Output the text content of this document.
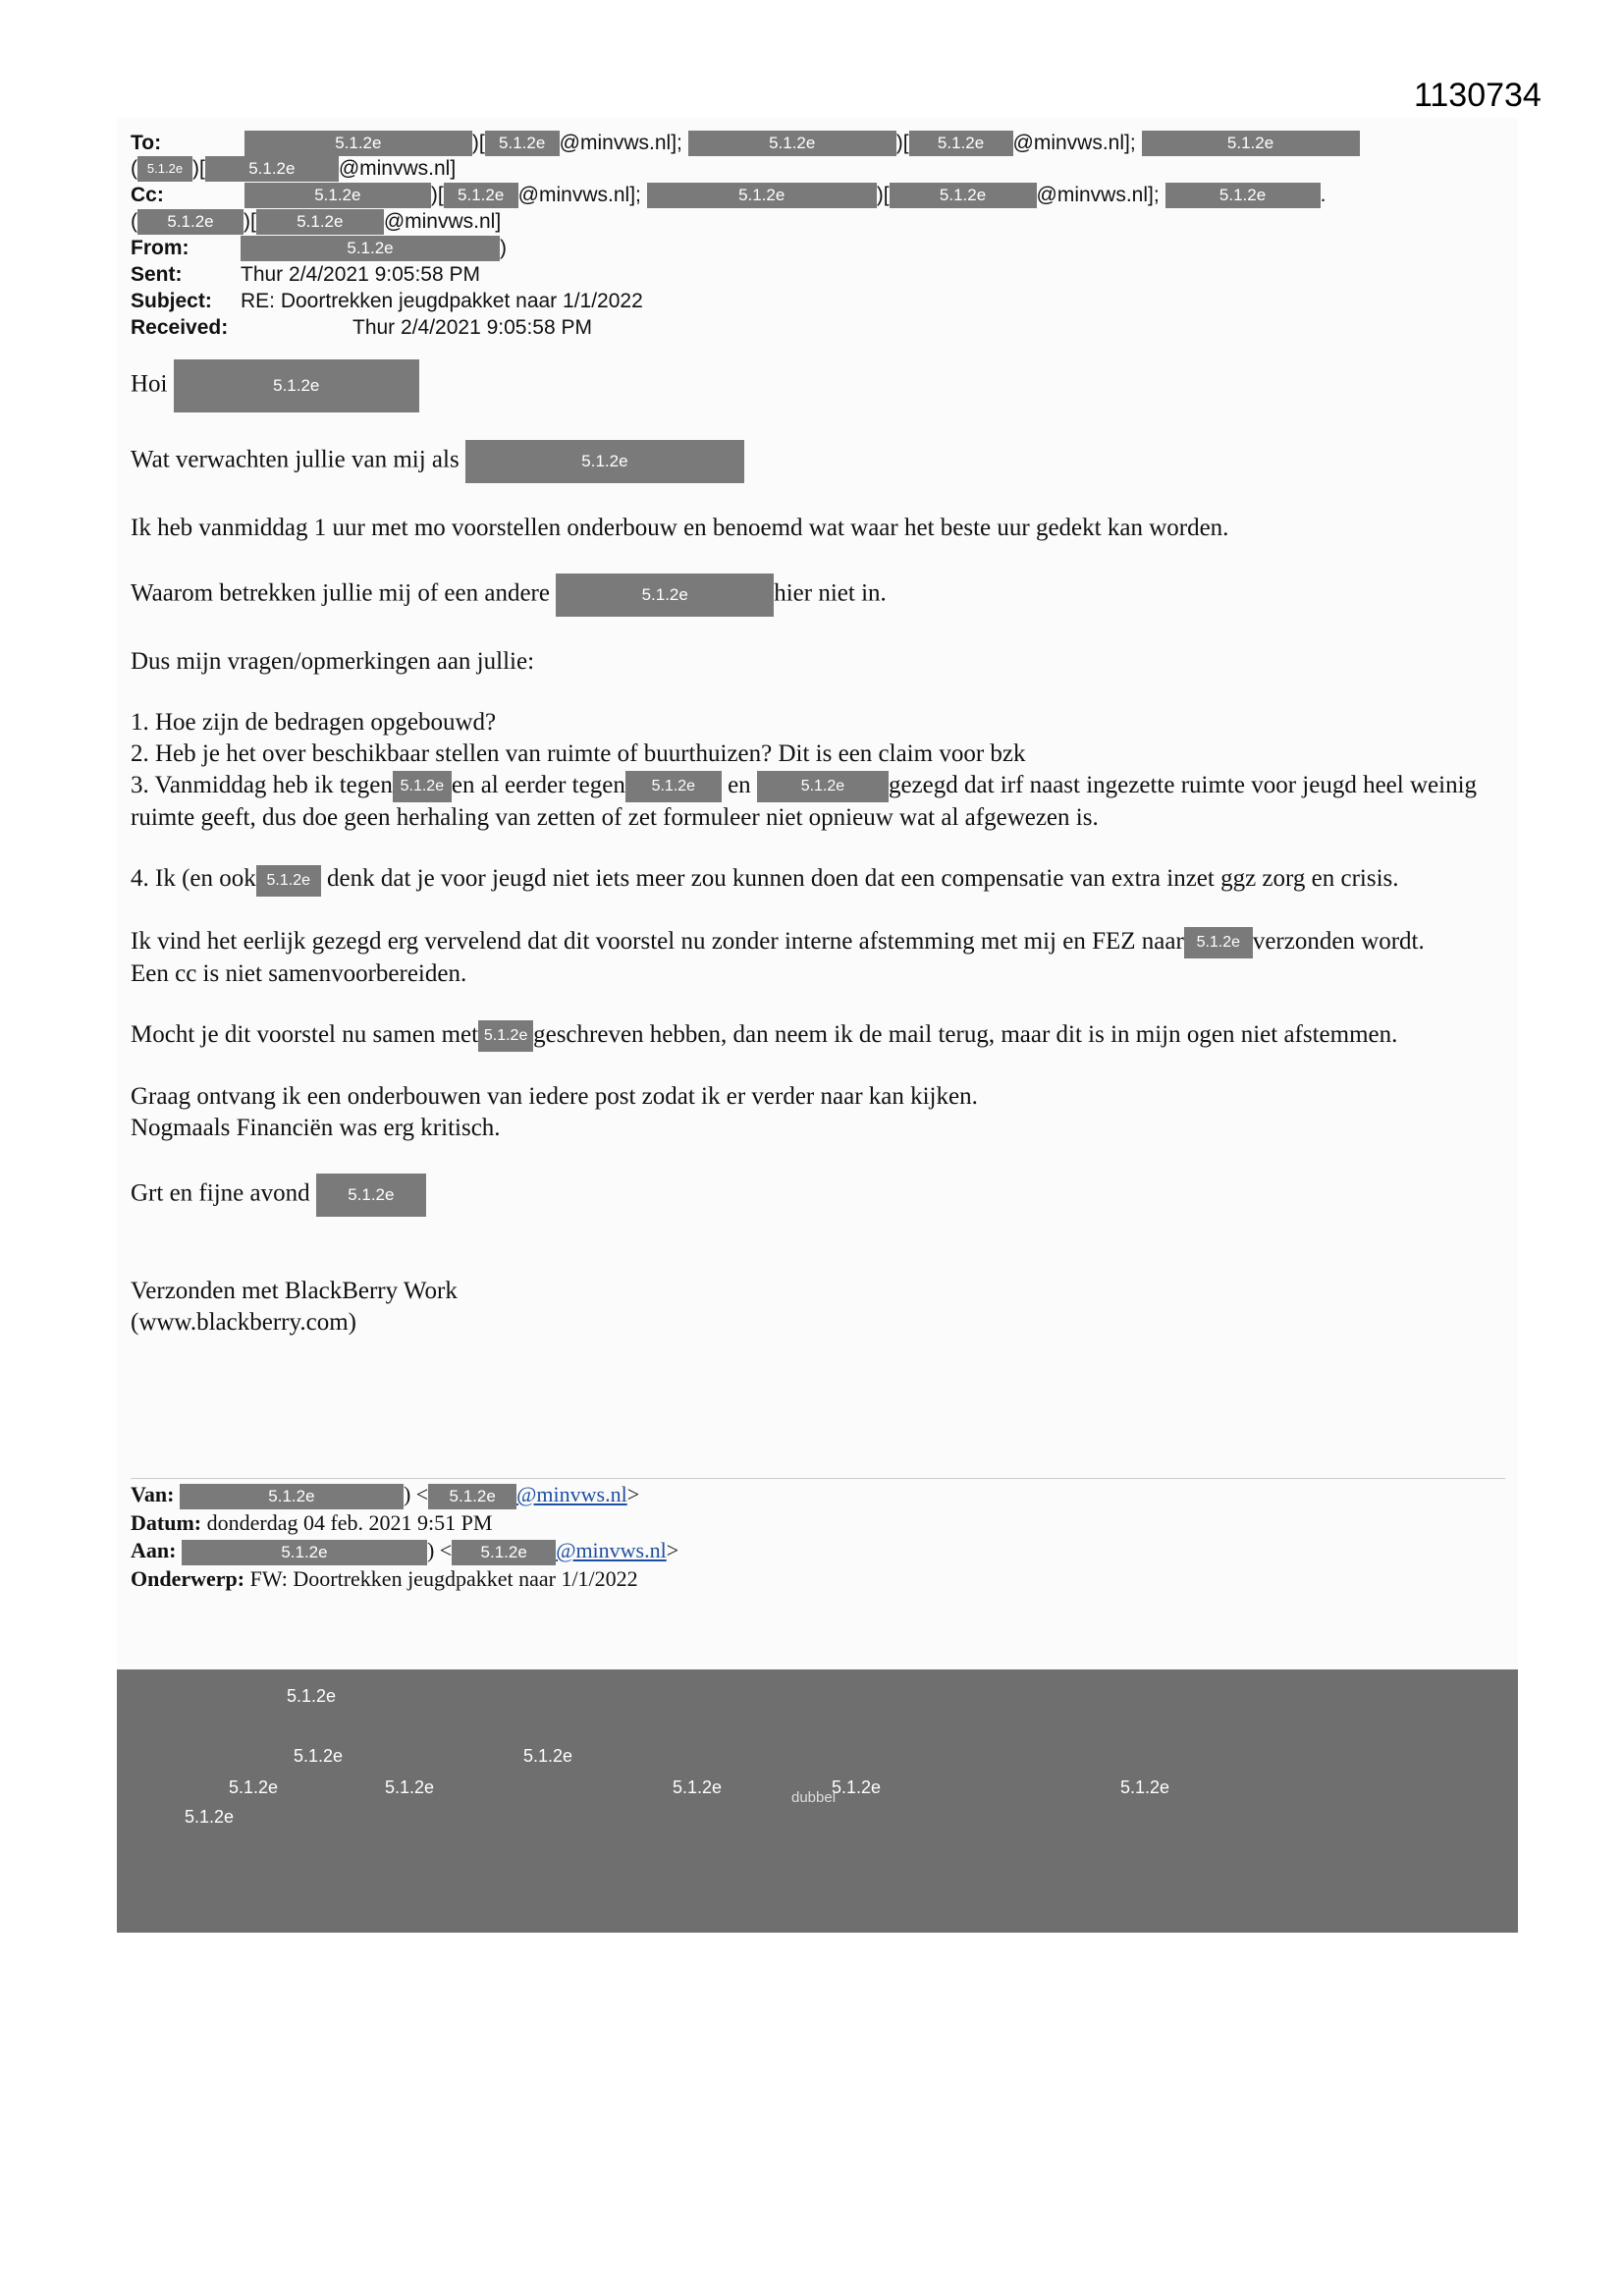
1130734
To:	5.1.2e	)[ 5.1.2e @minvws.nl];	5.1.2e	)[ 5.1.2e @minvws.nl];	5.1.2e
( 5.1.2e )[	5.1.2e @minvws.nl]
Cc:	5.1.2e	)[ 5.1.2e @minvws.nl];	5.1.2e	)[	5.1.2e @minvws.nl];	5.1.2e	.
( 5.1.2e )[ 5.1.2e @minvws.nl]
From:	5.1.2e	)
Sent:	Thur 2/4/2021 9:05:58 PM
Subject: RE: Doortrekken jeugdpakket naar 1/1/2022
Received:	Thur 2/4/2021 9:05:58 PM

Hoi	5.1.2e

Wat verwachten jullie van mij als	5.1.2e

Ik heb vanmiddag 1 uur met mo voorstellen onderbouw en benoemd wat waar het beste uur gedekt kan worden.

Waarom betrekken jullie mij of een andere	5.1.2e	hier niet in.

Dus mijn vragen/opmerkingen aan jullie:

1. Hoe zijn de bedragen opgebouwd?
2. Heb je het over beschikbaar stellen van ruimte of buurthuizen? Dit is een claim voor bzk
3. Vanmiddag heb ik tegen 5.1.2e en al eerder tegen 5.1.2e en	5.1.2e gezegd dat irf naast ingezette ruimte voor jeugd heel weinig ruimte geeft, dus doe geen herhaling van zetten of zet formuleer niet opnieuw wat al afgewezen is.

4. Ik (en ook 5.1.2e denk dat je voor jeugd niet iets meer zou kunnen doen dat een compensatie van extra inzet ggz zorg en crisis.

Ik vind het eerlijk gezegd erg vervelend dat dit voorstel nu zonder interne afstemming met mij en FEZ naar 5.1.2e verzonden wordt.
Een cc is niet samenvoorbereiden.

Mocht je dit voorstel nu samen met 5.1.2e geschreven hebben, dan neem ik de mail terug, maar dit is in mijn ogen niet afstemmen.

Graag ontvang ik een onderbouwen van iedere post zodat ik er verder naar kan kijken.
Nogmaals Financiën was erg kritisch.

Grt en fijne avond 5.1.2e

Verzonden met BlackBerry Work
(www.blackberry.com)

Van:	5.1.2e	) < 5.1.2e @minvws.nl>
Datum: donderdag 04 feb. 2021 9:51 PM
Aan:	5.1.2e	) < 5.1.2e @minvws.nl>
Onderwerp: FW: Doortrekken jeugdpakket naar 1/1/2022
5.1.2e
5.1.2e	5.1.2e
5.1.2e	5.1.2e	5.1.2e	5.1.2e	5.1.2e
5.1.2e
dubbel
